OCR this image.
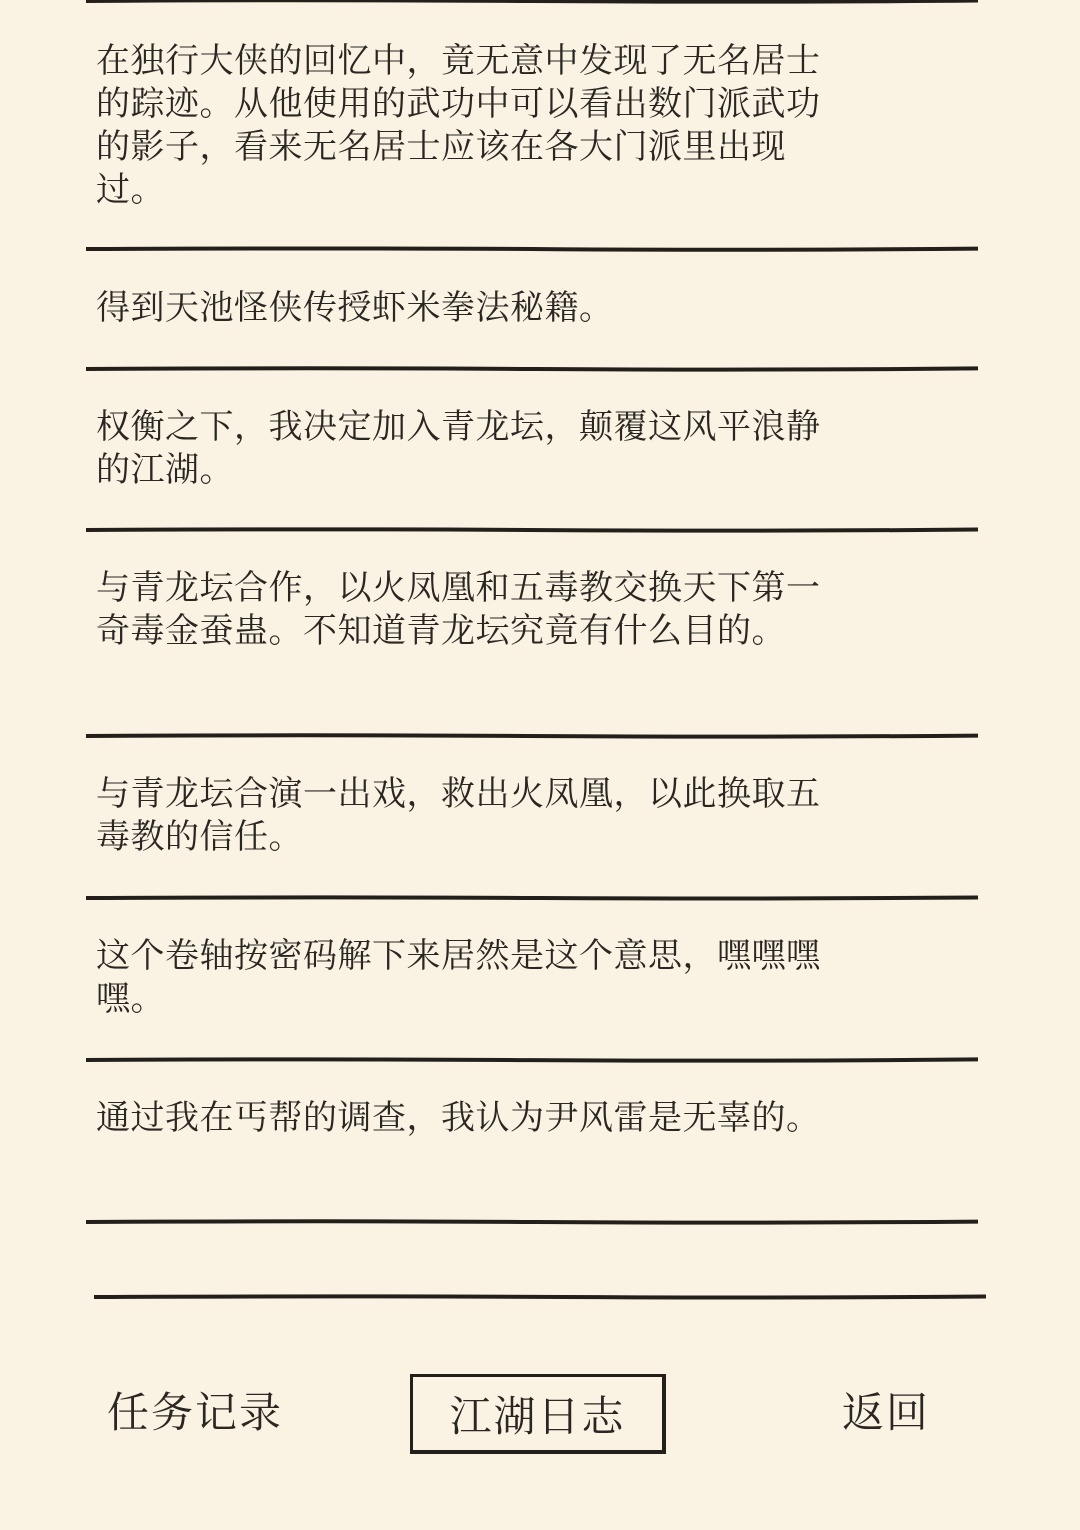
在独行大侠的回忆中，竟无意中发现了无名居士的踪迹。从他使用的武功中可以看出数门派武功的影子，看来无名居士应该在各大门派里出现过。

得到天池怪侠传授虾米拳法秘籍。

权衡之下，我决定加入青龙坛，颠覆这风平浪静的江湖。

与青龙坛合作，以火凤凰和五毒教交换天下第一奇毒金蚕蛊。不知道青龙坛究竟有什么目的。

与青龙坛合演一出戏，救出火凤凰，以此换取五毒教的信任。

这个卷轴按密码解下来居然是这个意思，嘿嘿嘿嘿。

通过我在丐帮的调查，我认为尹风雷是无辜的。

任务记录	江湖日志	返回
